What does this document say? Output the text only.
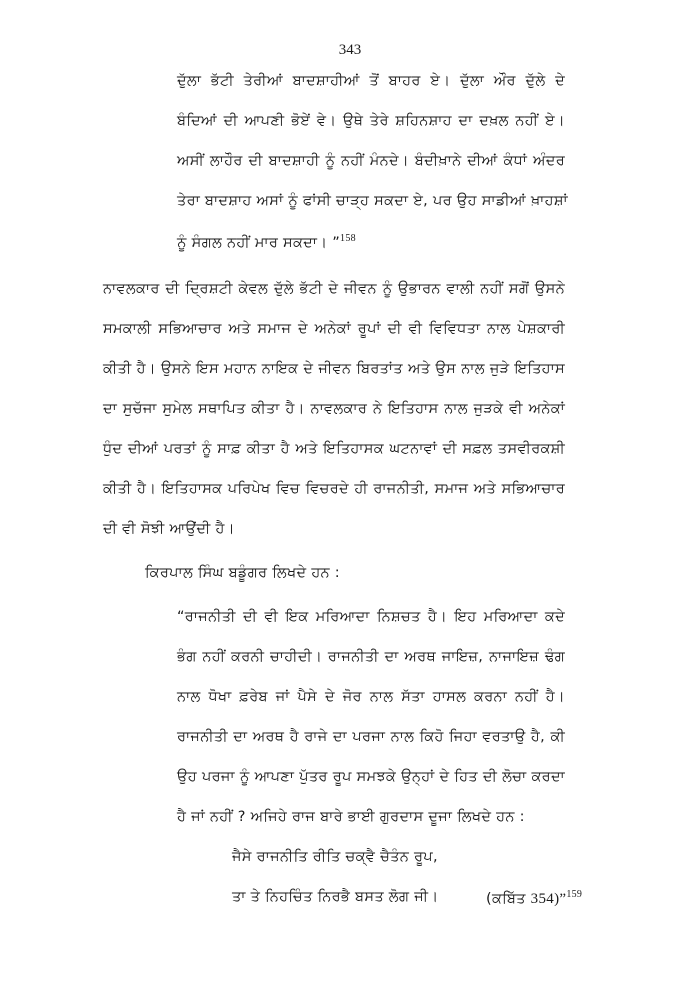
343
ਦੁੱਲਾ ਭੱਟੀ ਤੇਰੀਆਂ ਬਾਦਸ਼ਾਹੀਆਂ ਤੋਂ ਬਾਹਰ ਏ। ਦੁੱਲਾ ਔਰ ਦੁੱਲੇ ਦੇ
ਬੰਦਿਆਂ ਦੀ ਆਪਣੀ ਭੋਏਂ ਵੇ। ਉਥੇ ਤੇਰੇ ਸ਼ਹਿਨਸ਼ਾਹ ਦਾ ਦਖ਼ਲ ਨਹੀਂ ਏ।
ਅਸੀਂ ਲਾਹੌਰ ਦੀ ਬਾਦਸ਼ਾਹੀ ਨੂੰ ਨਹੀਂ ਮੰਨਦੇ। ਬੰਦੀਖ਼ਾਨੇ ਦੀਆਂ ਕੰਧਾਂ ਅੰਦਰ
ਤੇਰਾ ਬਾਦਸ਼ਾਹ ਅਸਾਂ ਨੂੰ ਫਾਂਸੀ ਚਾੜ੍ਹ ਸਕਦਾ ਏ, ਪਰ ਉਹ ਸਾਡੀਆਂ ਖ਼ਾਹਸ਼ਾਂ
ਨੂੰ ਸੰਗਲ ਨਹੀਂ ਮਾਰ ਸਕਦਾ। ”$^{158}$
ਨਾਵਲਕਾਰ ਦੀ ਦ੍ਰਿਸ਼ਟੀ ਕੇਵਲ ਦੁੱਲੇ ਭੱਟੀ ਦੇ ਜੀਵਨ ਨੂੰ ਉਭਾਰਨ ਵਾਲੀ ਨਹੀਂ ਸਗੋਂ ਉਸਨੇ
ਸਮਕਾਲੀ ਸਭਿਆਚਾਰ ਅਤੇ ਸਮਾਜ ਦੇ ਅਨੇਕਾਂ ਰੂਪਾਂ ਦੀ ਵੀ ਵਿਵਿਧਤਾ ਨਾਲ ਪੇਸ਼ਕਾਰੀ
ਕੀਤੀ ਹੈ। ਉਸਨੇ ਇਸ ਮਹਾਨ ਨਾਇਕ ਦੇ ਜੀਵਨ ਬਿਰਤਾਂਤ ਅਤੇ ਉਸ ਨਾਲ ਜੁੜੇ ਇਤਿਹਾਸ
ਦਾ ਸੁਚੱਜਾ ਸੁਮੇਲ ਸਥਾਪਿਤ ਕੀਤਾ ਹੈ। ਨਾਵਲਕਾਰ ਨੇ ਇਤਿਹਾਸ ਨਾਲ ਜੁੜਕੇ ਵੀ ਅਨੇਕਾਂ
ਧੁੰਦ ਦੀਆਂ ਪਰਤਾਂ ਨੂੰ ਸਾਫ਼ ਕੀਤਾ ਹੈ ਅਤੇ ਇਤਿਹਾਸਕ ਘਟਨਾਵਾਂ ਦੀ ਸਫ਼ਲ ਤਸਵੀਰਕਸ਼ੀ
ਕੀਤੀ ਹੈ। ਇਤਿਹਾਸਕ ਪਰਿਪੇਖ ਵਿਚ ਵਿਚਰਦੇ ਹੀ ਰਾਜਨੀਤੀ, ਸਮਾਜ ਅਤੇ ਸਭਿਆਚਾਰ
ਦੀ ਵੀ ਸੋਝੀ ਆਉਂਦੀ ਹੈ।
ਕਿਰਪਾਲ ਸਿੰਘ ਬਡੂੰਗਰ ਲਿਖਦੇ ਹਨ :
“ਰਾਜਨੀਤੀ ਦੀ ਵੀ ਇਕ ਮਰਿਆਦਾ ਨਿਸ਼ਚਤ ਹੈ। ਇਹ ਮਰਿਆਦਾ ਕਦੇ
ਭੰਗ ਨਹੀਂ ਕਰਨੀ ਚਾਹੀਦੀ। ਰਾਜਨੀਤੀ ਦਾ ਅਰਥ ਜਾਇਜ਼, ਨਾਜਾਇਜ਼ ਢੰਗ
ਨਾਲ ਧੋਖਾ ਫ਼ਰੇਬ ਜਾਂ ਪੈਸੇ ਦੇ ਜੋਰ ਨਾਲ ਸੱਤਾ ਹਾਸਲ ਕਰਨਾ ਨਹੀਂ ਹੈ।
ਰਾਜਨੀਤੀ ਦਾ ਅਰਥ ਹੈ ਰਾਜੇ ਦਾ ਪਰਜਾ ਨਾਲ ਕਿਹੋ ਜਿਹਾ ਵਰਤਾਉ ਹੈ, ਕੀ
ਉਹ ਪਰਜਾ ਨੂੰ ਆਪਣਾ ਪੁੱਤਰ ਰੂਪ ਸਮਝਕੇ ਉਨ੍ਹਾਂ ਦੇ ਹਿਤ ਦੀ ਲੋਚਾ ਕਰਦਾ
ਹੈ ਜਾਂ ਨਹੀਂ ? ਅਜਿਹੇ ਰਾਜ ਬਾਰੇ ਭਾਈ ਗੁਰਦਾਸ ਦੂਜਾ ਲਿਖਦੇ ਹਨ :
ਜੈਸੇ ਰਾਜਨੀਤਿ ਰੀਤਿ ਚਕ੍ਵੈ ਚੈਤੰਨ ਰੂਪ,
ਤਾ ਤੇ ਨਿਹਚਿੰਤ ਨਿਰਭੈ ਬਸਤ ਲੋਗ ਜੀ।	(ਕਬਿੱਤ 354)”$^{159}$
